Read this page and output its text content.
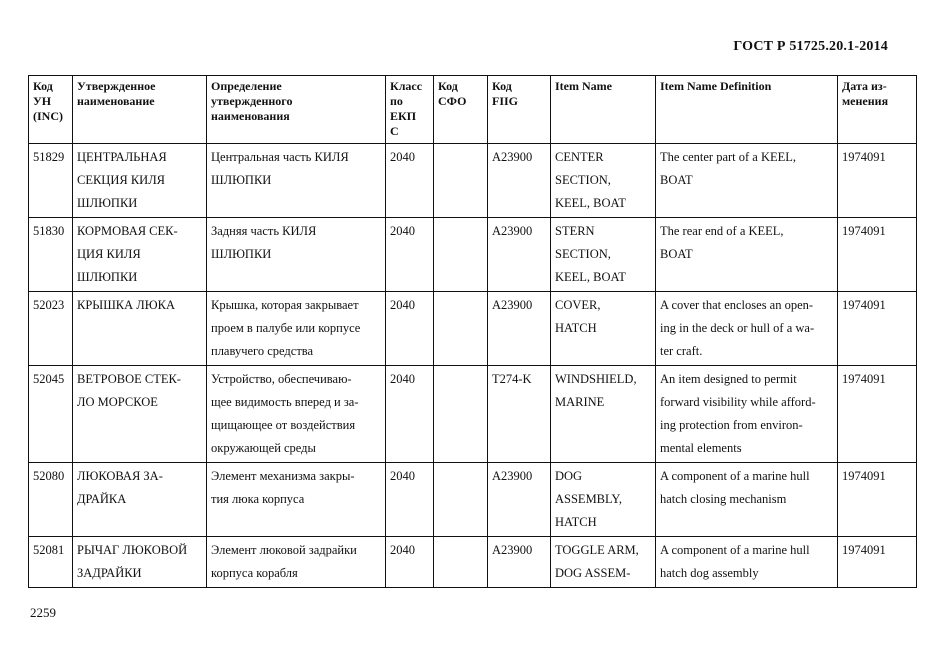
ГОСТ Р 51725.20.1-2014
Код
УН
(INC)	Утвержденное
наименование	Определение
утвержденного
наименования	Класс
по
ЕКП
С	Код
СФО	Код
FIIG	Item Name	Item Name Definition	Дата из-
менения

51829	ЦЕНТРАЛЬНАЯ
СЕКЦИЯ КИЛЯ
ШЛЮПКИ	Центральная часть КИЛЯ
ШЛЮПКИ	2040		A23900	CENTER
SECTION,
KEEL, BOAT	The center part of a KEEL,
BOAT	1974091

51830	КОРМОВАЯ СЕК-
ЦИЯ КИЛЯ
ШЛЮПКИ	Задняя часть КИЛЯ
ШЛЮПКИ	2040		A23900	STERN
SECTION,
KEEL, BOAT	The rear end of a KEEL,
BOAT	1974091

52023	КРЫШКА ЛЮКА	Крышка, которая закрывает
проем в палубе или корпусе
плавучего средства	2040		A23900	COVER,
HATCH	A cover that encloses an open-
ing in the deck or hull of a wa-
ter craft.	1974091

52045	ВЕТРОВОЕ СТЕК-
ЛО МОРСКОЕ	Устройство, обеспечиваю-
щее видимость вперед и за-
щищающее от воздействия
окружающей среды	2040		T274-K	WINDSHIELD,
MARINE	An item designed to permit
forward visibility while afford-
ing protection from environ-
mental elements	1974091

52080	ЛЮКОВАЯ ЗА-
ДРАЙКА	Элемент механизма закры-
тия люка корпуса	2040		A23900	DOG
ASSEMBLY,
HATCH	A component of a marine hull
hatch closing mechanism	1974091

52081	РЫЧАГ ЛЮКОВОЙ
ЗАДРАЙКИ	Элемент люковой задрайки
корпуса корабля	2040		A23900	TOGGLE ARM,
DOG ASSEM-	A component of a marine hull
hatch dog assembly	1974091
2259
